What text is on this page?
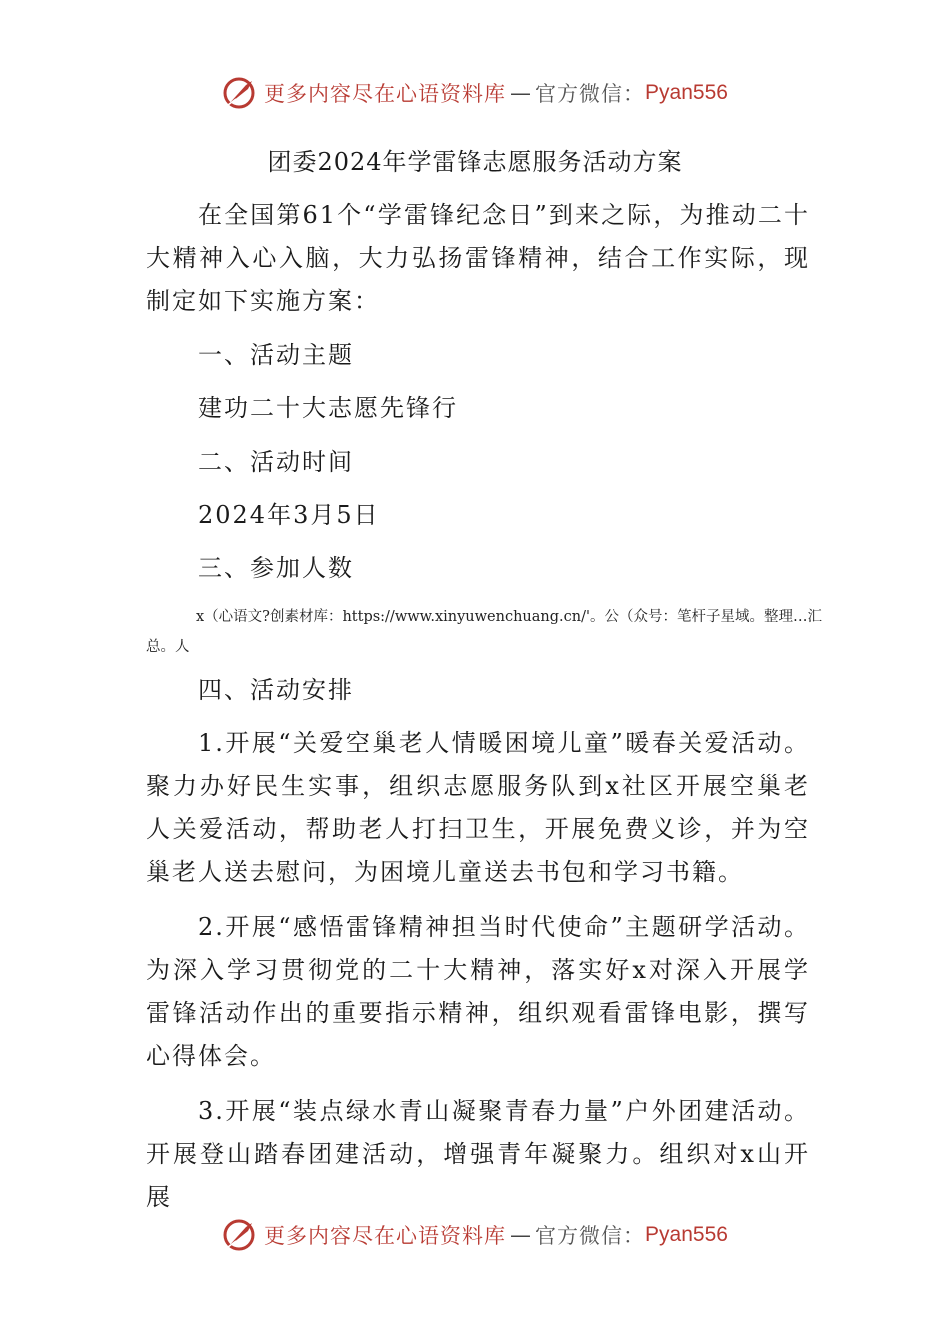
更多内容尽在心语资料库 — 官方微信： Pyan556
团委2024年学雷锋志愿服务活动方案
在全国第61个“学雷锋纪念日”到来之际，为推动二十大精神入心入脑，大力弘扬雷锋精神，结合工作实际，现制定如下实施方案：
一、活动主题
建功二十大志愿先锋行
二、活动时间
2024年3月5日
三、参加人数
x（心语文?创素材库：https://www.xinyuwenchuang.cn/'。公（众号：笔杆子星域。整理…汇总。人
四、活动安排
1.开展“关爱空巢老人情暖困境儿童”暖春关爱活动。聚力办好民生实事，组织志愿服务队到x社区开展空巢老人关爱活动，帮助老人打扫卫生，开展免费义诊，并为空巢老人送去慰问，为困境儿童送去书包和学习书籍。
2.开展“感悟雷锋精神担当时代使命”主题研学活动。为深入学习贯彻党的二十大精神，落实好x对深入开展学雷锋活动作出的重要指示精神，组织观看雷锋电影，撰写心得体会。
3.开展“装点绿水青山凝聚青春力量”户外团建活动。开展登山踏春团建活动，增强青年凝聚力。组织对x山开展
更多内容尽在心语资料库 — 官方微信： Pyan556
